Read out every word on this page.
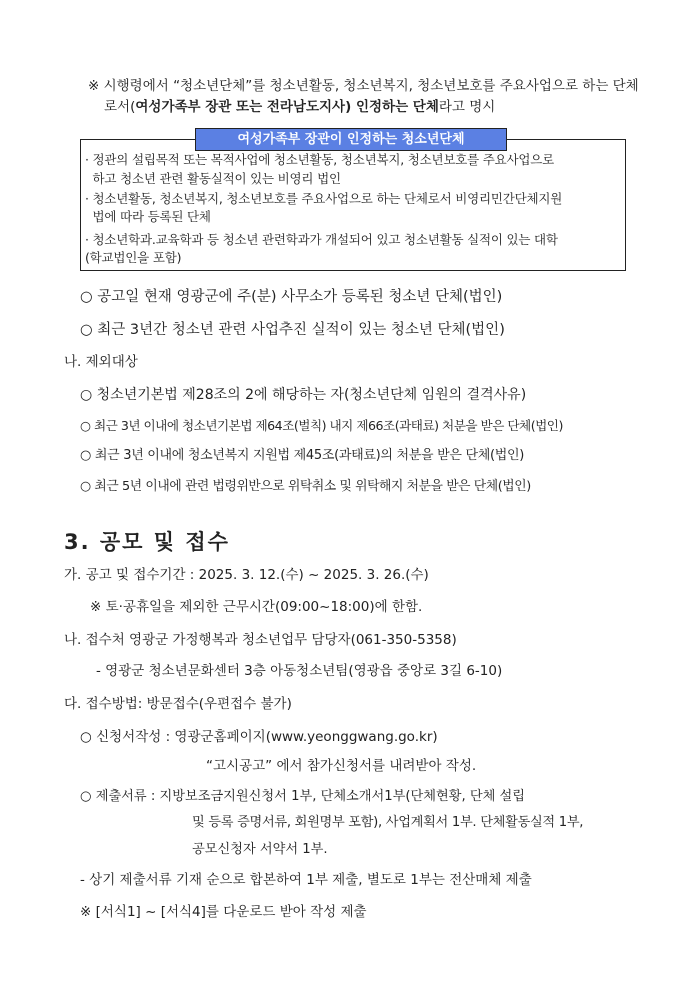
※ 시행령에서 “청소년단체”를 청소년활동, 청소년복지, 청소년보호를 주요사업으로 하는 단체
로서(여성가족부 장관 또는 전라남도지사) 인정하는 단체라고 명시
여성가족부 장관이 인정하는 청소년단체
· 정관의 설립목적 또는 목적사업에 청소년활동, 청소년복지, 청소년보호를 주요사업으로
하고 청소년 관련 활동실적이 있는 비영리 법인
· 청소년활동, 청소년복지, 청소년보호를 주요사업으로 하는 단체로서 비영리민간단체지원
법에 따라 등록된 단체
· 청소년학과.교육학과 등 청소년 관련학과가 개설되어 있고 청소년활동 실적이 있는 대학
(학교법인을 포함)
○ 공고일 현재 영광군에 주(분) 사무소가 등록된 청소년 단체(법인)
○ 최근 3년간 청소년 관련 사업추진 실적이 있는 청소년 단체(법인)
나. 제외대상
○ 청소년기본법 제28조의 2에 해당하는 자(청소년단체 임원의 결격사유)
○ 최근 3년 이내에 청소년기본법 제64조(벌칙) 내지 제66조(과태료) 처분을 받은 단체(법인)
○ 최근 3년 이내에 청소년복지 지원법 제45조(과태료)의 처분을 받은 단체(법인)
○ 최근 5년 이내에 관련 법령위반으로 위탁취소 및 위탁해지 처분을 받은 단체(법인)
3. 공모 및 접수
가. 공고 및 접수기간 : 2025. 3. 12.(수) ~ 2025. 3. 26.(수)
※ 토·공휴일을 제외한 근무시간(09:00~18:00)에 한함.
나. 접수처 영광군 가정행복과 청소년업무 담당자(061-350-5358)
- 영광군 청소년문화센터 3층 아동청소년팀(영광읍 중앙로 3길 6-10)
다. 접수방법: 방문접수(우편접수 불가)
○ 신청서작성 : 영광군홈페이지(www.yeonggwang.go.kr)
“고시공고” 에서 참가신청서를 내려받아 작성.
○ 제출서류 : 지방보조금지원신청서 1부, 단체소개서1부(단체현황, 단체 설립
및 등록 증명서류, 회원명부 포함), 사업계획서 1부. 단체활동실적 1부,
공모신청자 서약서 1부.
- 상기 제출서류 기재 순으로 합본하여 1부 제출, 별도로 1부는 전산매체 제출
※ [서식1] ~ [서식4]를 다운로드 받아 작성 제출
